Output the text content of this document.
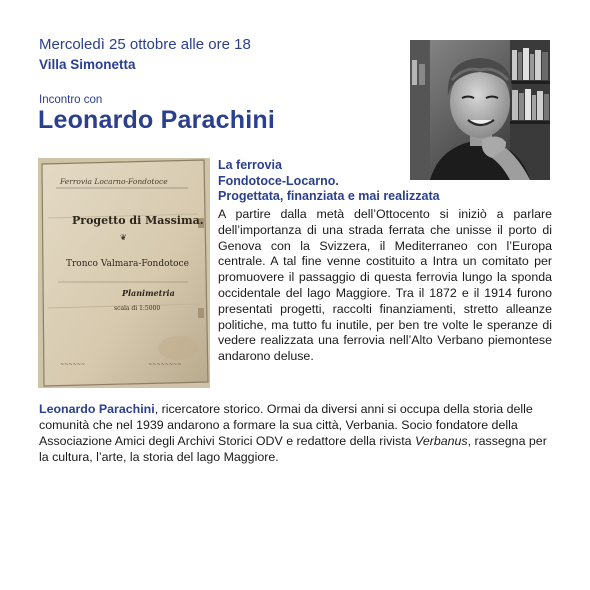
Mercoledì 25 ottobre alle ore 18
Villa Simonetta
Incontro con
Leonardo Parachini
Ferrovia Locarno-Fondotoce
Progetto di Massima.
❦
Tronco Valmara-Fondotoce
Planimetria
scala di 1:5000
~~~~~~	~~~~~~~~
La ferrovia
Fondotoce-Locarno.
Progettata, finanziata e mai realizzata
A partire dalla metà dell’Ottocento si iniziò a parlare dell’importanza di una strada ferrata che unisse il porto di Genova con la Svizzera, il Mediterraneo con l’Europa centrale. A tal fine venne costituito a Intra un comitato per promuovere il passaggio di questa ferrovia lungo la sponda occidentale del lago Maggiore. Tra il 1872 e il 1914 furono presentati progetti, raccolti finanziamenti, stretto alleanze politiche, ma tutto fu inutile, per ben tre volte le speranze di vedere realizzata una ferrovia nell’Alto Verbano piemontese andarono deluse.
Leonardo Parachini, ricercatore storico. Ormai da diversi anni si occupa della storia delle comunità che nel 1939 andarono a formare la sua città, Verbania. Socio fondatore della Associazione Amici degli Archivi Storici ODV e redattore della rivista Verbanus, rassegna per la cultura, l’arte, la storia del lago Maggiore.
